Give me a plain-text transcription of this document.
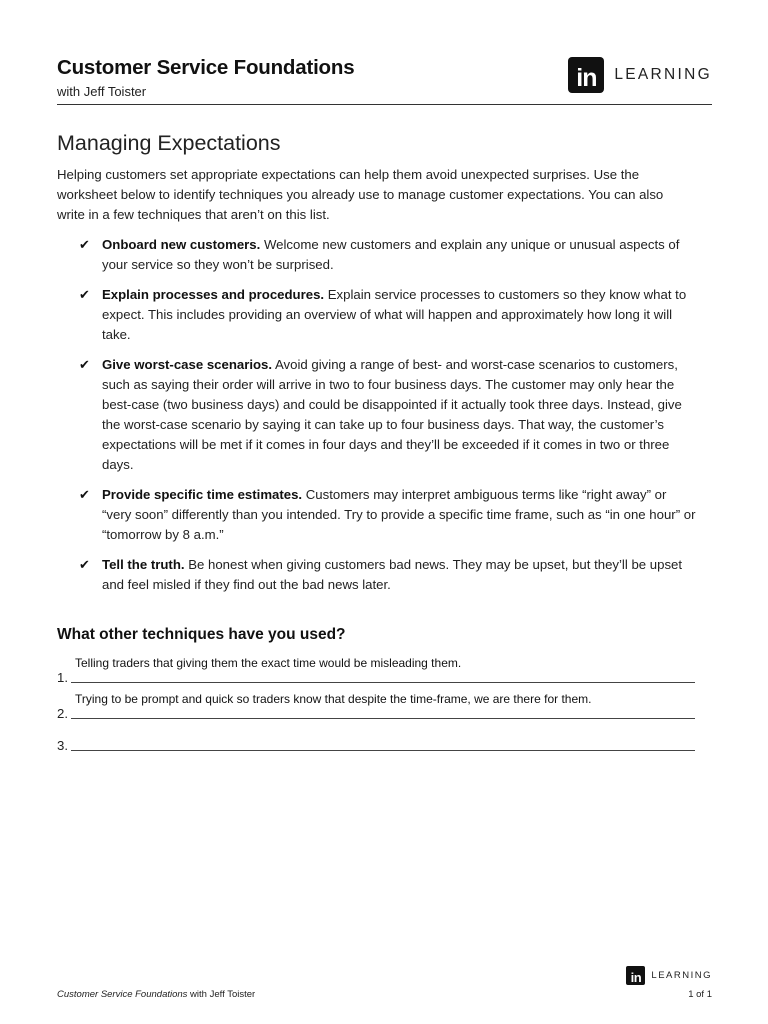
Customer Service Foundations
with Jeff Toister	in	LEARNING
Managing Expectations

Helping customers set appropriate expectations can help them avoid unexpected surprises. Use the worksheet below to identify techniques you already use to manage customer expectations. You can also write in a few techniques that aren’t on this list.

✔ Onboard new customers. Welcome new customers and explain any unique or unusual aspects of your service so they won’t be surprised.
✔ Explain processes and procedures. Explain service processes to customers so they know what to expect. This includes providing an overview of what will happen and approximately how long it will take.
✔ Give worst-case scenarios. Avoid giving a range of best- and worst-case scenarios to customers, such as saying their order will arrive in two to four business days. The customer may only hear the best-case (two business days) and could be disappointed if it actually took three days. Instead, give the worst-case scenario by saying it can take up to four business days. That way, the customer’s expectations will be met if it comes in four days and they’ll be exceeded if it comes in two or three days.
✔ Provide specific time estimates. Customers may interpret ambiguous terms like “right away” or “very soon” differently than you intended. Try to provide a specific time frame, such as “in one hour” or “tomorrow by 8 a.m.”
✔ Tell the truth. Be honest when giving customers bad news. They may be upset, but they’ll be upset and feel misled if they find out the bad news later.
What other techniques have you used?
1.
Telling traders that giving them the exact time would be misleading them.
2.
Trying to be prompt and quick so traders know that despite the time-frame, we are there for them.
3.
in	LEARNING
Customer Service Foundations with Jeff Toister	1 of 1
